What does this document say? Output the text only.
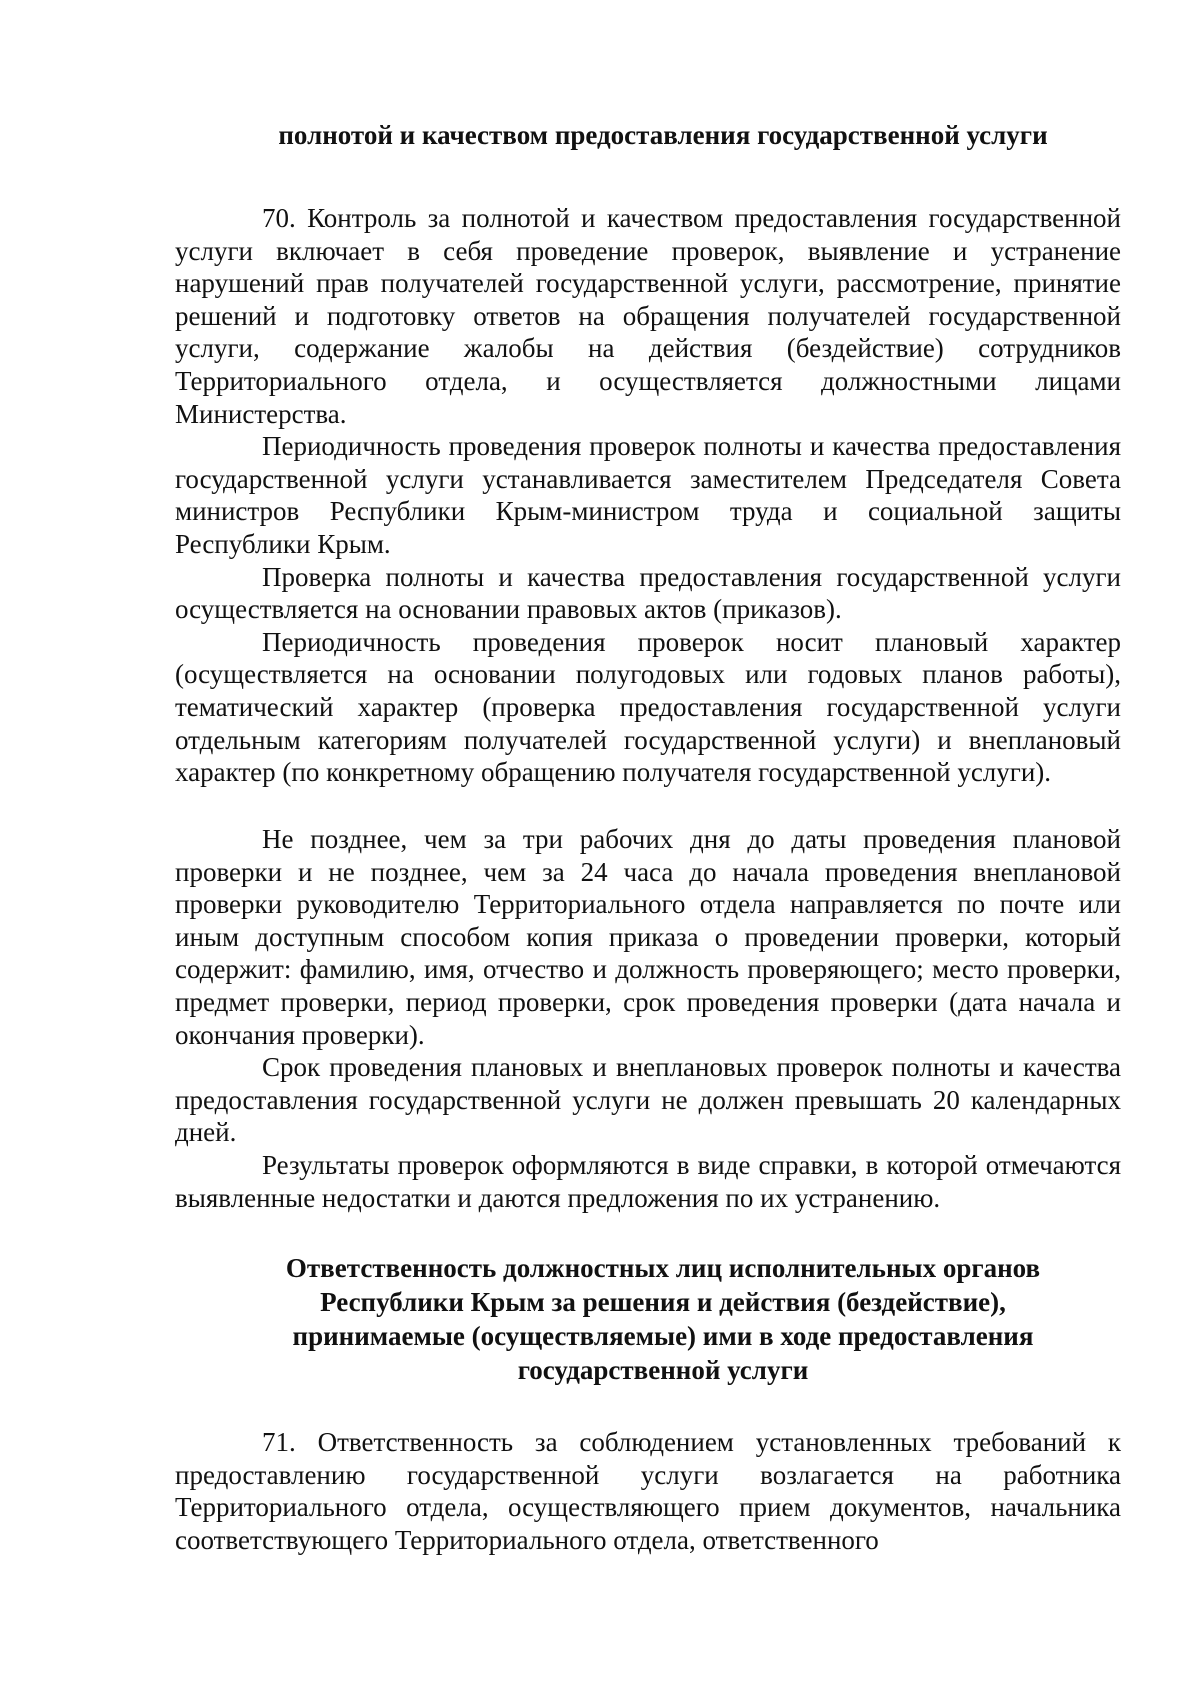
полнотой и качеством предоставления государственной услуги

70. Контроль за полнотой и качеством предоставления государственной услуги включает в себя проведение проверок, выявление и устранение нарушений прав получателей государственной услуги, рассмотрение, принятие решений и подготовку ответов на обращения получателей государственной услуги, содержание жалобы на действия (бездействие) сотрудников Территориального отдела, и осуществляется должностными лицами Министерства.

Периодичность проведения проверок полноты и качества предоставления государственной услуги устанавливается заместителем Председателя Совета министров Республики Крым-министром труда и социальной защиты Республики Крым.

Проверка полноты и качества предоставления государственной услуги осуществляется на основании правовых актов (приказов).

Периодичность проведения проверок носит плановый характер (осуществляется на основании полугодовых или годовых планов работы), тематический характер (проверка предоставления государственной услуги отдельным категориям получателей государственной услуги) и внеплановый характер (по конкретному обращению получателя государственной услуги).

Не позднее, чем за три рабочих дня до даты проведения плановой проверки и не позднее, чем за 24 часа до начала проведения внеплановой проверки руководителю Территориального отдела направляется по почте или иным доступным способом копия приказа о проведении проверки, который содержит: фамилию, имя, отчество и должность проверяющего; место проверки, предмет проверки, период проверки, срок проведения проверки (дата начала и окончания проверки).

Срок проведения плановых и внеплановых проверок полноты и качества предоставления государственной услуги не должен превышать 20 календарных дней.

Результаты проверок оформляются в виде справки, в которой отмечаются выявленные недостатки и даются предложения по их устранению.

Ответственность должностных лиц исполнительных органов Республики Крым за решения и действия (бездействие), принимаемые (осуществляемые) ими в ходе предоставления государственной услуги

71. Ответственность за соблюдением установленных требований к предоставлению государственной услуги возлагается на работника Территориального отдела, осуществляющего прием документов, начальника соответствующего Территориального отдела, ответственного
